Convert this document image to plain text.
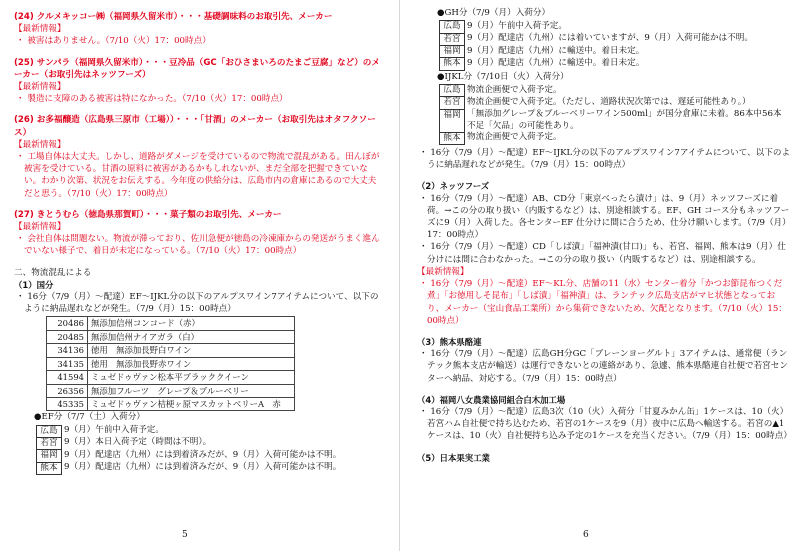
(24) クルメキッコー㈱（福岡県久留米市）・・・基礎調味料のお取引先、メーカー

【最新情報】

・ 被害はありません。（7/10（火）17：00時点）

(25) サンパラ（福岡県久留米市）・・・豆冷品（GC「おひさまいろのたまご豆腐」など）のメーカー（お取引先はネッツフーズ）

【最新情報】

・ 製造に支障のある被害は特になかった。（7/10（火）17：00時点）

(26) お多福醸造（広島県三原市（工場））・・・「甘酒」のメーカー（お取引先はオタフクソース）

【最新情報】

・ 工場自体は大丈夫。しかし、道路がダメージを受けているので物流で混乱がある。田んぼが被害を受けている。甘酒の原料に被害があるかもしれないが、まだ全部を把握できていない。わかり次第、状況をお伝えする。今年度の供給分は、広島市内の倉庫にあるので大丈夫だと思う。（7/10（火）17：00時点）

(27) きとうむら（徳島県那賀町）・・・菓子類のお取引先、メーカー

【最新情報】

・ 会社自体は問題ない。物流が滞っており、佐川急便が徳島の冷凍庫からの発送がうまく進んでいない様子で、着日が未定になっている。（7/10（火）17：00時点）

二、物流混乱による

（1）国分

・ 16分（7/9（月）～配達）EF～IJKL分の以下のアルプスワイン7アイテムについて、以下のように納品遅れなどが発生。（7/9（月）15：00時点）

20486	無添加信州コンコード（赤）
20485	無添加信州ナイアガラ（白）
34136	徳用　無添加長野白ワイン
34135	徳用　無添加長野赤ワイン
41594	ミュゼドゥヴァン松本平ブラッククイーン
26356	無添加フルーツ　グレープ＆ブルーベリー
45335	ミュゼドゥヴァン桔梗ヶ原マスカットベリーA　赤

●EF分（7/7（土）入荷分）

広島	9（月）午前中入荷予定。
若宮	9（月）本日入荷予定（時間は不明）。
福岡	9（月）配達店（九州）には到着済みだが、9（月）入荷可能かは不明。
熊本	9（月）配達店（九州）には到着済みだが、9（月）入荷可能かは不明。
5

●GH分（7/9（月）入荷分）

広島	9（月）午前中入荷予定。
若宮	9（月）配達店（九州）には着いていますが、9（月）入荷可能かは不明。
福岡	9（月）配達店（九州）に輸送中。着日未定。
熊本	9（月）配達店（九州）に輸送中。着日未定。

●IJKL分（7/10日（火）入荷分）

広島	物流企画便で入荷予定。
若宮	物流企画便で入荷予定。（ただし、道路状況次第では、遅延可能性あり。）
福岡	「無添加グレープ＆ブルーベリーワイン500ml」が国分倉庫に未着。86本中56本不足「欠品」の可能性あり。
熊本	物流企画便で入荷予定。

・ 16分（7/9（月）～配達）EF～IJKL分の以下のアルプスワイン7アイテムについて、以下のように納品遅れなどが発生。（7/9（月）15：00時点）

（2）ネッツフーズ

・ 16分（7/9（月）～配達）AB、CD分「東京べったら漬け」は、9（月）ネッツフーズに着荷。→この分の取り扱い（内販するなど）は、別途相談する。EF、GH コース分もネッツフーズに9（月）入荷した。各センターEF 仕分けに間に合うため、仕分け願いします。（7/9（月）17：00時点）

・ 16分（7/9（月）～配達）CD「しば漬」「福神漬(甘口)」も、若宮、福岡、熊本は9（月）仕分けには間に合わなかった。→この分の取り扱い（内販するなど）は、別途相談する。

【最新情報】

・ 16分（7/9（月）～配達）EF～KL分、店舗の11（水）センター着分「かつお節昆布つくだ煮」「お徳用しそ昆布」「しば漬」「福神漬」は、ランテック広島支店がマヒ状態となっており、メーカー（宝山食品工業所）から集荷できないため、欠配となります。（7/10（火）15：00時点）

（3）熊本県酪連

・ 16分（7/9（月）～配達）広島GH分GC「ブレーンヨーグルト」3アイテムは、通常便（ランテック熊本支店が輸送）は運行できないとの連絡があり、急遽、熊本県酪連自社便で若宮センターへ納品、対応する。（7/9（月）15：00時点）

（4）福岡八女農業協同組合白木加工場

・ 16分（7/9（月）～配達）広島3次（10（火）入荷分「甘夏みかん缶」1ケースは、10（火）若宮ハム自社便で持ち込むため、若宮の1ケースを9（月）夜中に広島へ輸送する。若宮の▲1ケースは、10（火）自社便持ち込み予定の1ケースを充当ください。（7/9（月）15：00時点）

（5）日本果実工業

6
